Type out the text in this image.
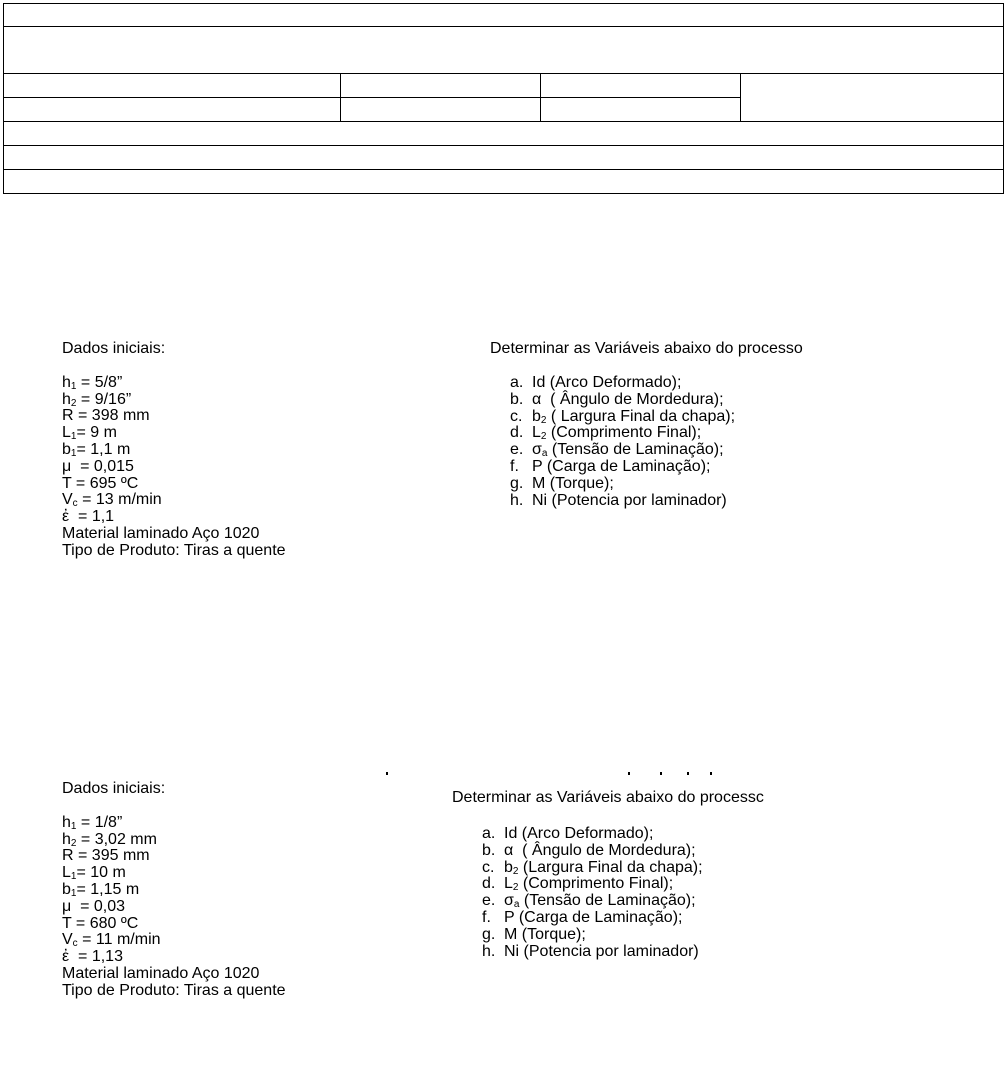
Dados iniciais:
$h_1 = 5/8$”
$h_2 = 9/16$”
R = 398 mm
$L_1= 9$ m
$b_1= 1,1$ m
μ  = 0,015
T = 695 ºC
$V_c = 13$ m/min
ἐ  = 1,1
Material laminado Aço 1020
Tipo de Produto: Tiras a quente
Determinar as Variáveis abaixo do processo
a. Id (Arco Deformado);
b. α  ( Ângulo de Mordedura);
c. $b_2$ ( Largura Final da chapa);
d. $L_2$ (Comprimento Final);
e. $\sigma_a$ (Tensão de Laminação);
f. P (Carga de Laminação);
g. M (Torque);
h. Ni (Potencia por laminador)
Dados iniciais:
$h_1 = 1/8$”
$h_2 = 3,02$ mm
R = 395 mm
$L_1= 10$ m
$b_1= 1,15$ m
μ  = 0,03
T = 680 ºC
$V_c = 11$ m/min
ἐ  = 1,13
Material laminado Aço 1020
Tipo de Produto: Tiras a quente
Determinar as Variáveis abaixo do processc
a. Id (Arco Deformado);
b. α  ( Ângulo de Mordedura);
c. $b_2$ (Largura Final da chapa);
d. $L_2$ (Comprimento Final);
e. $\sigma_a$ (Tensão de Laminação);
f. P (Carga de Laminação);
g. M (Torque);
h. Ni (Potencia por laminador)
